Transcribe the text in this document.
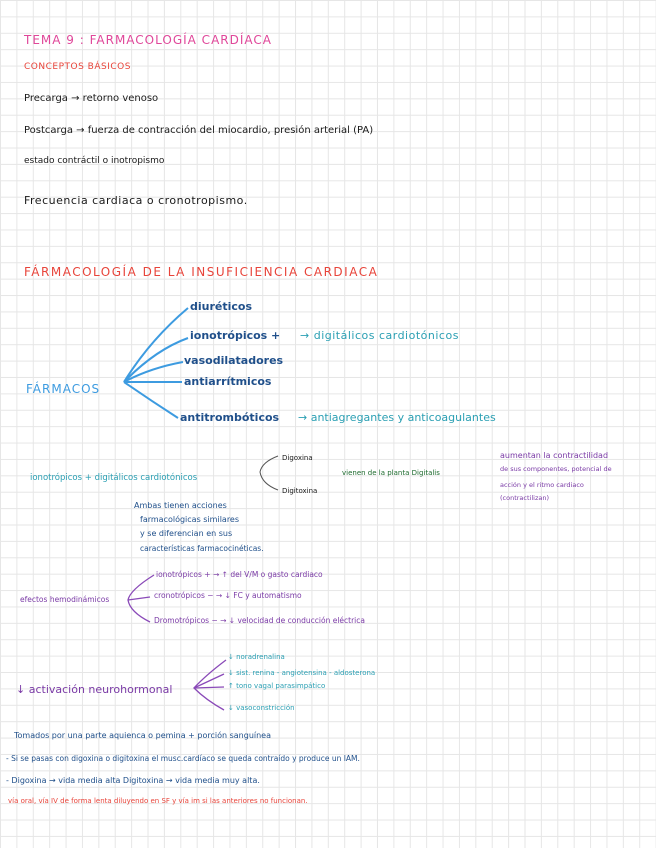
TEMA 9 : FARMACOLOGÍA CARDÍACA
CONCEPTOS BÁSICOS
Precarga → retorno venoso
Postcarga → fuerza de contracción del miocardio, presión arterial (PA)
estado contráctil o inotropismo
Frecuencia cardiaca o cronotropismo.
FÁRMACOLOGÍA DE LA INSUFICIENCIA CARDIACA
FÁRMACOS
diuréticos
ionotrópicos + → digitálicos cardiotónicos
vasodilatadores
antiarrítmicos
antitrombóticos → antiagregantes y anticoagulantes
ionotrópicos + digitálicos cardiotónicos
Digoxina
Digitoxina
vienen de la planta Digitalis
aumentan la contractilidad
de sus componentes, potencial de
acción y el ritmo cardiaco
(contractilizan)
Ambas tienen acciones
farmacológicas similares
y se diferencian en sus
características farmacocinéticas.
efectos hemodinámicos
ionotrópicos + → ↑ del V/M o gasto cardiaco
cronotrópicos − → ↓ FC y automatismo
Dromotrópicos − → ↓ velocidad de conducción eléctrica
↓ activación neurohormonal
↓ noradrenalina
↓ sist. renina - angiotensina - aldosterona
↑ tono vagal parasimpático
↓ vasoconstricción
Tomados por una parte aquienca o pemina + porción sanguínea
- Si se pasas con digoxina o digitoxina el musc.cardíaco se queda contraído y produce un IAM.
- Digoxina → vida media alta Digitoxina → vida media muy alta.
vía oral, vía IV de forma lenta diluyendo en SF y vía im si las anteriores no funcionan.
